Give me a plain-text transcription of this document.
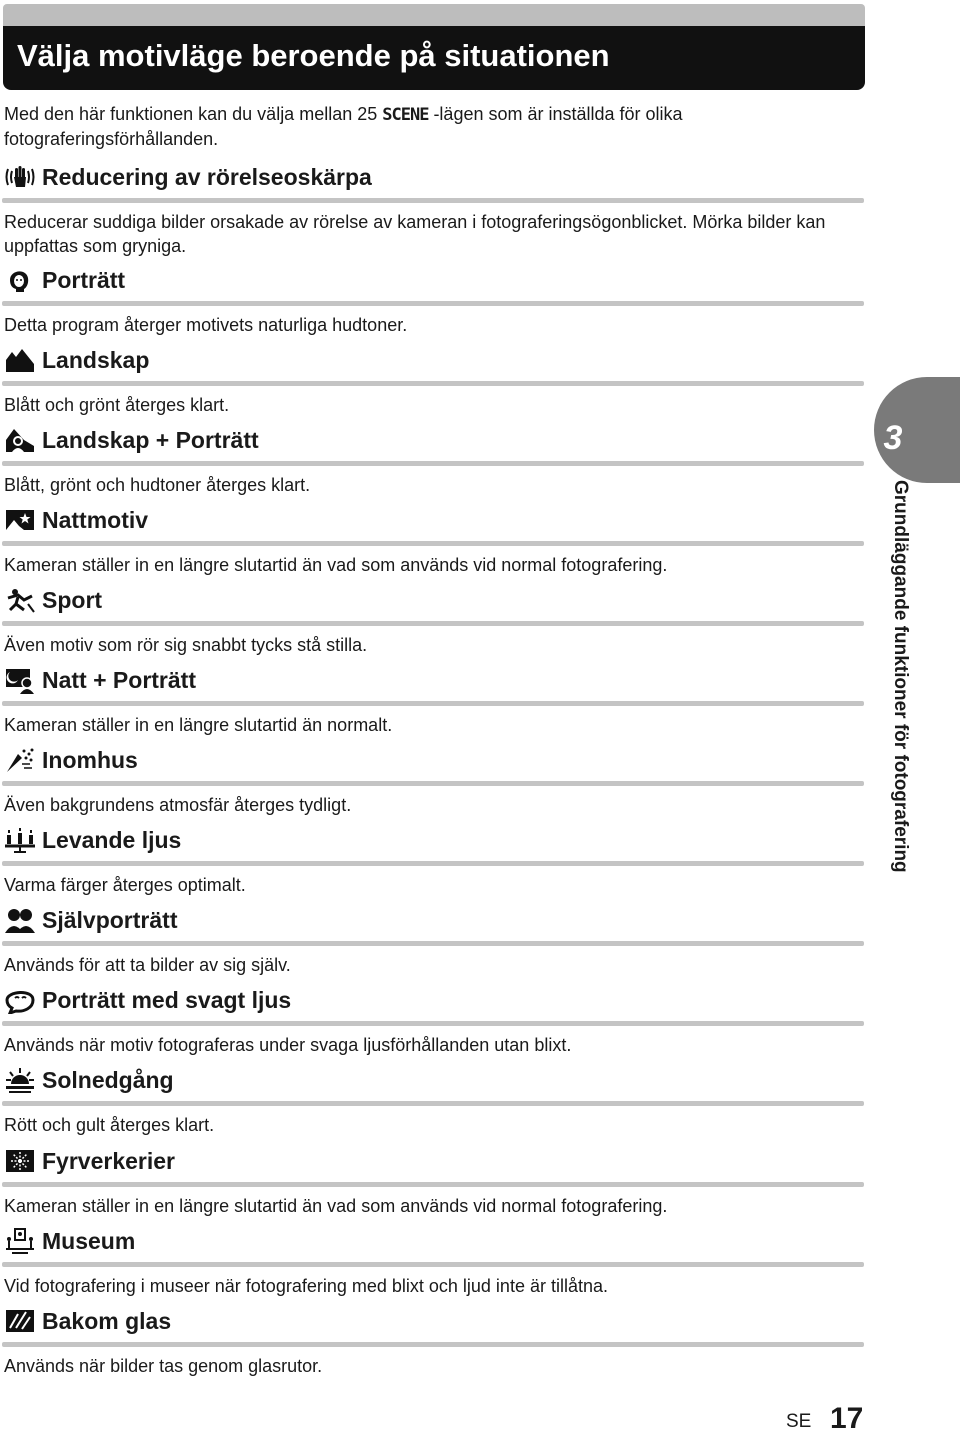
Välja motivläge beroende på situationen

Med den här funktionen kan du välja mellan 25 SCENE -lägen som är inställda för olika fotograferingsförhållanden.

Reducering av rörelseoskärpa

Reducerar suddiga bilder orsakade av rörelse av kameran i fotograferingsögonblicket. Mörka bilder kan uppfattas som gryniga.

Porträtt

Detta program återger motivets naturliga hudtoner.

Landskap

Blått och grönt återges klart.

Landskap + Porträtt

Blått, grönt och hudtoner återges klart.

Nattmotiv

Kameran ställer in en längre slutartid än vad som används vid normal fotografering.

Sport

Även motiv som rör sig snabbt tycks stå stilla.

Natt + Porträtt

Kameran ställer in en längre slutartid än normalt.

Inomhus

Även bakgrundens atmosfär återges tydligt.

Levande ljus

Varma färger återges optimalt.

Självporträtt

Används för att ta bilder av sig själv.

Porträtt med svagt ljus

Används när motiv fotograferas under svaga ljusförhållanden utan blixt.

Solnedgång

Rött och gult återges klart.

Fyrverkerier

Kameran ställer in en längre slutartid än vad som används vid normal fotografering.

Museum

Vid fotografering i museer när fotografering med blixt och ljud inte är tillåtna.

Bakom glas

Används när bilder tas genom glasrutor.

3
Grundläggande funktioner för fotografering
SE 17
